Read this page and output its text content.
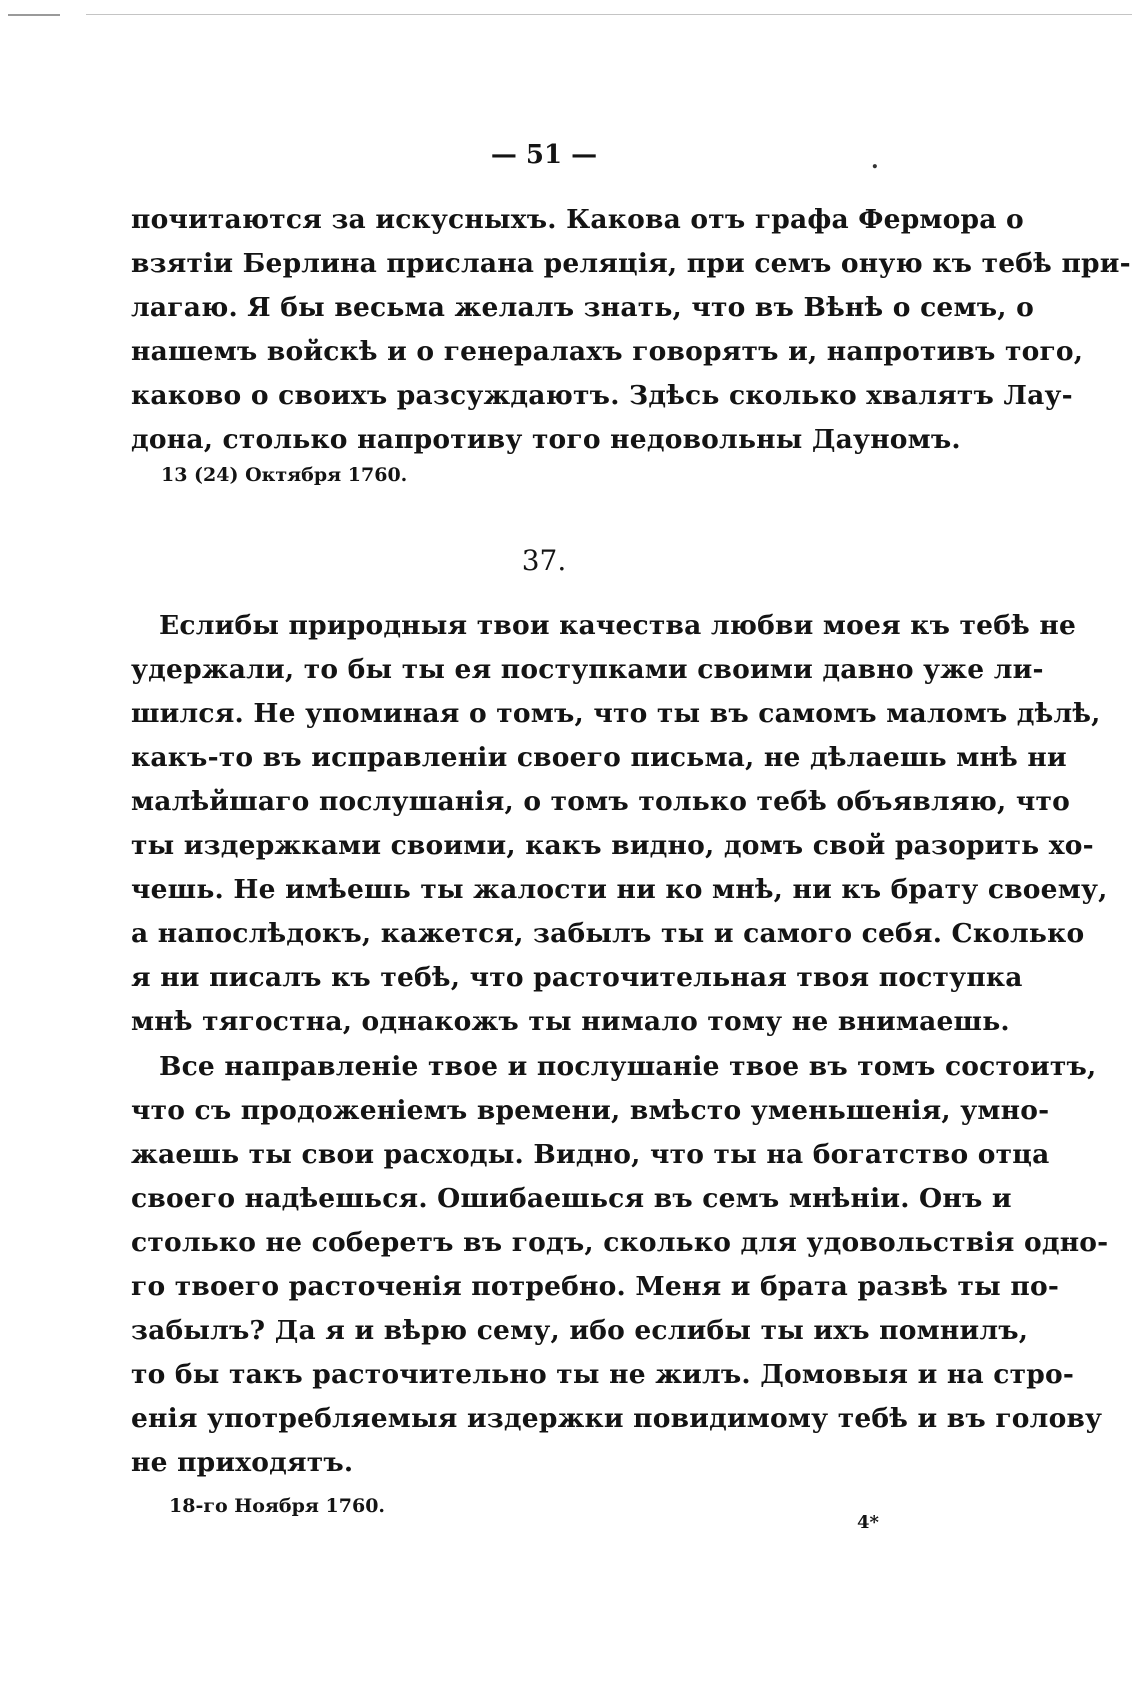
— 51 —	.
почитаются за искусныхъ. Какова отъ графа Фермора о
взятіи Берлина прислана реляція, при семъ оную къ тебѣ при-
лагаю. Я бы весьма желалъ знать, что въ Вѣнѣ о семъ, о
нашемъ войскѣ и о генералахъ говорятъ и, напротивъ того,
каково о своихъ разсуждаютъ. Здѣсь сколько хвалятъ Лау-
дона, столько напротиву того недовольны Дауномъ.
13 (24) Октября 1760.
37.
Еслибы природныя твои качества любви моея къ тебѣ не
удержали, то бы ты ея поступками своими давно уже ли-
шился. Не упоминая о томъ, что ты въ самомъ маломъ дѣлѣ,
какъ-то въ исправленіи своего письма, не дѣлаешь мнѣ ни
малѣйшаго послушанія, о томъ только тебѣ объявляю, что
ты издержками своими, какъ видно, домъ свой разорить хо-
чешь. Не имѣешь ты жалости ни ко мнѣ, ни къ брату своему,
а напослѣдокъ, кажется, забылъ ты и самого себя. Сколько
я ни писалъ къ тебѣ, что расточительная твоя поступка
мнѣ тягостна, однакожъ ты нимало тому не внимаешь.
Все направленіе твое и послушаніе твое въ томъ состоитъ,
что съ продоженіемъ времени, вмѣсто уменьшенія, умно-
жаешь ты свои расходы. Видно, что ты на богатство отца
своего надѣешься. Ошибаешься въ семъ мнѣніи. Онъ и
столько не соберетъ въ годъ, сколько для удовольствія одно-
го твоего расточенія потребно. Меня и брата развѣ ты по-
забылъ? Да я и вѣрю сему, ибо еслибы ты ихъ помнилъ,
то бы такъ расточительно ты не жилъ. Домовыя и на стро-
енія употребляемыя издержки повидимому тебѣ и въ голову
не приходятъ.
18-го Ноября 1760.
4*
